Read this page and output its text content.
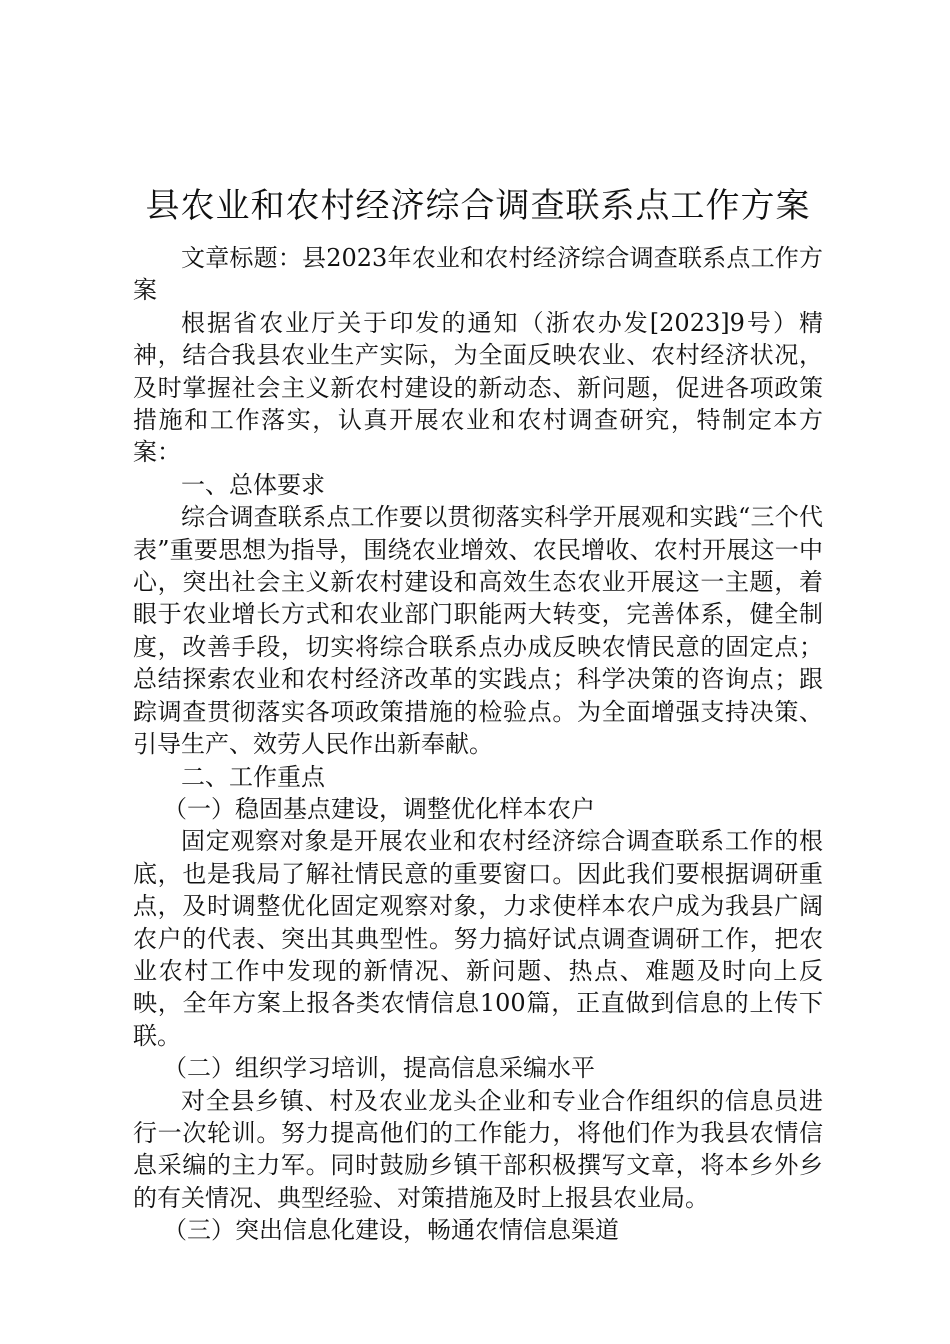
县农业和农村经济综合调查联系点工作方案

文章标题：县2023年农业和农村经济综合调查联系点工作方案

根据省农业厅关于印发的通知（浙农办发[2023]9号）精神，结合我县农业生产实际，为全面反映农业、农村经济状况，及时掌握社会主义新农村建设的新动态、新问题，促进各项政策措施和工作落实，认真开展农业和农村调查研究，特制定本方案：

一、总体要求

综合调查联系点工作要以贯彻落实科学开展观和实践“三个代表”重要思想为指导，围绕农业增效、农民增收、农村开展这一中心，突出社会主义新农村建设和高效生态农业开展这一主题，着眼于农业增长方式和农业部门职能两大转变，完善体系，健全制度，改善手段，切实将综合联系点办成反映农情民意的固定点；总结探索农业和农村经济改革的实践点；科学决策的咨询点；跟踪调查贯彻落实各项政策措施的检验点。为全面增强支持决策、引导生产、效劳人民作出新奉献。

二、工作重点

（一）稳固基点建设，调整优化样本农户

固定观察对象是开展农业和农村经济综合调查联系工作的根底，也是我局了解社情民意的重要窗口。因此我们要根据调研重点，及时调整优化固定观察对象，力求使样本农户成为我县广阔农户的代表、突出其典型性。努力搞好试点调查调研工作，把农业农村工作中发现的新情况、新问题、热点、难题及时向上反映，全年方案上报各类农情信息100篇，正直做到信息的上传下联。

（二）组织学习培训，提高信息采编水平

对全县乡镇、村及农业龙头企业和专业合作组织的信息员进行一次轮训。努力提高他们的工作能力，将他们作为我县农情信息采编的主力军。同时鼓励乡镇干部积极撰写文章，将本乡外乡的有关情况、典型经验、对策措施及时上报县农业局。

（三）突出信息化建设，畅通农情信息渠道
